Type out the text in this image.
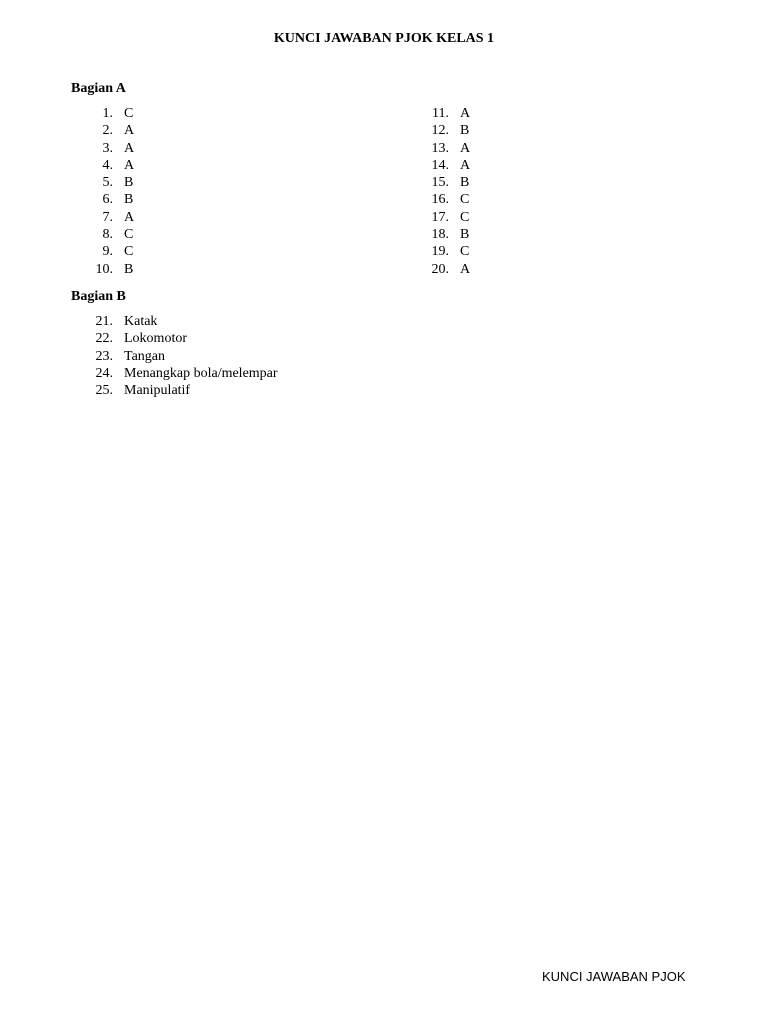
KUNCI JAWABAN PJOK KELAS 1
Bagian A
1. C
2. A
3. A
4. A
5. B
6. B
7. A
8. C
9. C
10. B
11. A
12. B
13. A
14. A
15. B
16. C
17. C
18. B
19. C
20. A
Bagian B
21. Katak
22. Lokomotor
23. Tangan
24. Menangkap bola/melempar
25. Manipulatif
KUNCI JAWABAN PJOK
